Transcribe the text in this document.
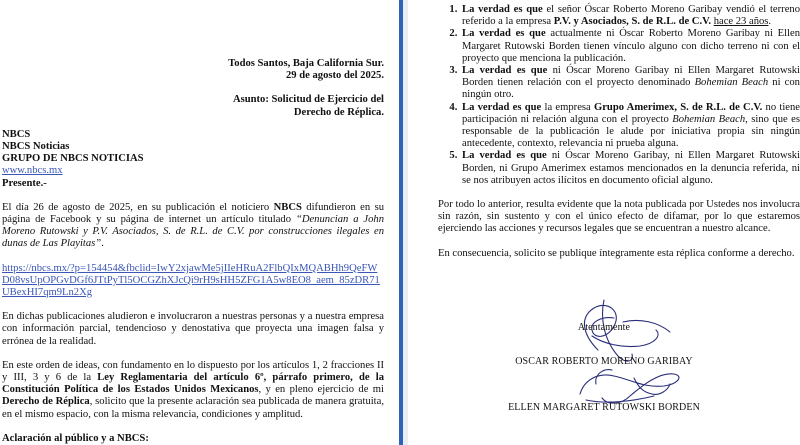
Todos Santos, Baja California Sur.
29 de agosto del 2025.
Asunto: Solicitud de Ejercicio del
Derecho de Réplica.
NBCS
NBCS Noticias
GRUPO DE NBCS NOTICIAS
www.nbcs.mx
Presente.-

El día 26 de agosto de 2025, en su publicación el noticiero NBCS difundieron en su página de Facebook y su página de internet un artículo titulado “Denuncian a John Moreno Rutowski y P.V. Asociados, S. de R.L. de C.V. por construcciones ilegales en dunas de Las Playitas”.

https://nbcs.mx/?p=154454&fbclid=IwY2xjawMe5jIIeHRuA2FlbQIxMQABHh9QeFWD08vsUpOPGvDGf6JTtPyTl5OCGZhXJcQi9rH9sHH5ZFG1A5w8EO8_aem_85zDR71UBexHI7qm9Ln2Xg

En dichas publicaciones aludieron e involucraron a nuestras personas y a nuestra empresa con información parcial, tendencioso y denostativa que proyecta una imagen falsa y errónea de la realidad.

En este orden de ideas, con fundamento en lo dispuesto por los artículos 1, 2 fracciones II y III, 3 y 6 de la Ley Reglamentaria del artículo 6º, párrafo primero, de la Constitución Política de los Estados Unidos Mexicanos, y en pleno ejercicio de mi Derecho de Réplica, solicito que la presente aclaración sea publicada de manera gratuita, en el mismo espacio, con la misma relevancia, condiciones y amplitud.

Aclaración al público y a NBCS:
1. La verdad es que el señor Óscar Roberto Moreno Garibay vendió el terreno referido a la empresa P.V. y Asociados, S. de R.L. de C.V. hace 23 años.
2. La verdad es que actualmente ni Óscar Roberto Moreno Garibay ni Ellen Margaret Rutowski Borden tienen vínculo alguno con dicho terreno ni con el proyecto que menciona la publicación.
3. La verdad es que ni Óscar Moreno Garibay ni Ellen Margaret Rutowski Borden tienen relación con el proyecto denominado Bohemian Beach ni con ningún otro.
4. La verdad es que la empresa Grupo Amerimex, S. de R.L. de C.V. no tiene participación ni relación alguna con el proyecto Bohemian Beach, sino que es responsable de la publicación le alude por iniciativa propia sin ningún antecedente, contexto, relevancia ni prueba alguna.
5. La verdad es que ni Óscar Moreno Garibay, ni Ellen Margaret Rutowski Borden, ni Grupo Amerimex estamos mencionados en la denuncia referida, ni se nos atribuyen actos ilícitos en documento oficial alguno.

Por todo lo anterior, resulta evidente que la nota publicada por Ustedes nos involucra sin razón, sin sustento y con el único efecto de difamar, por lo que estaremos ejerciendo las acciones y recursos legales que se encuentran a nuestro alcance.

En consecuencia, solicito se publique íntegramente esta réplica conforme a derecho.

Atentamente
OSCAR ROBERTO MORENO GARIBAY
ELLEN MARGARET RUTOWSKI BORDEN
